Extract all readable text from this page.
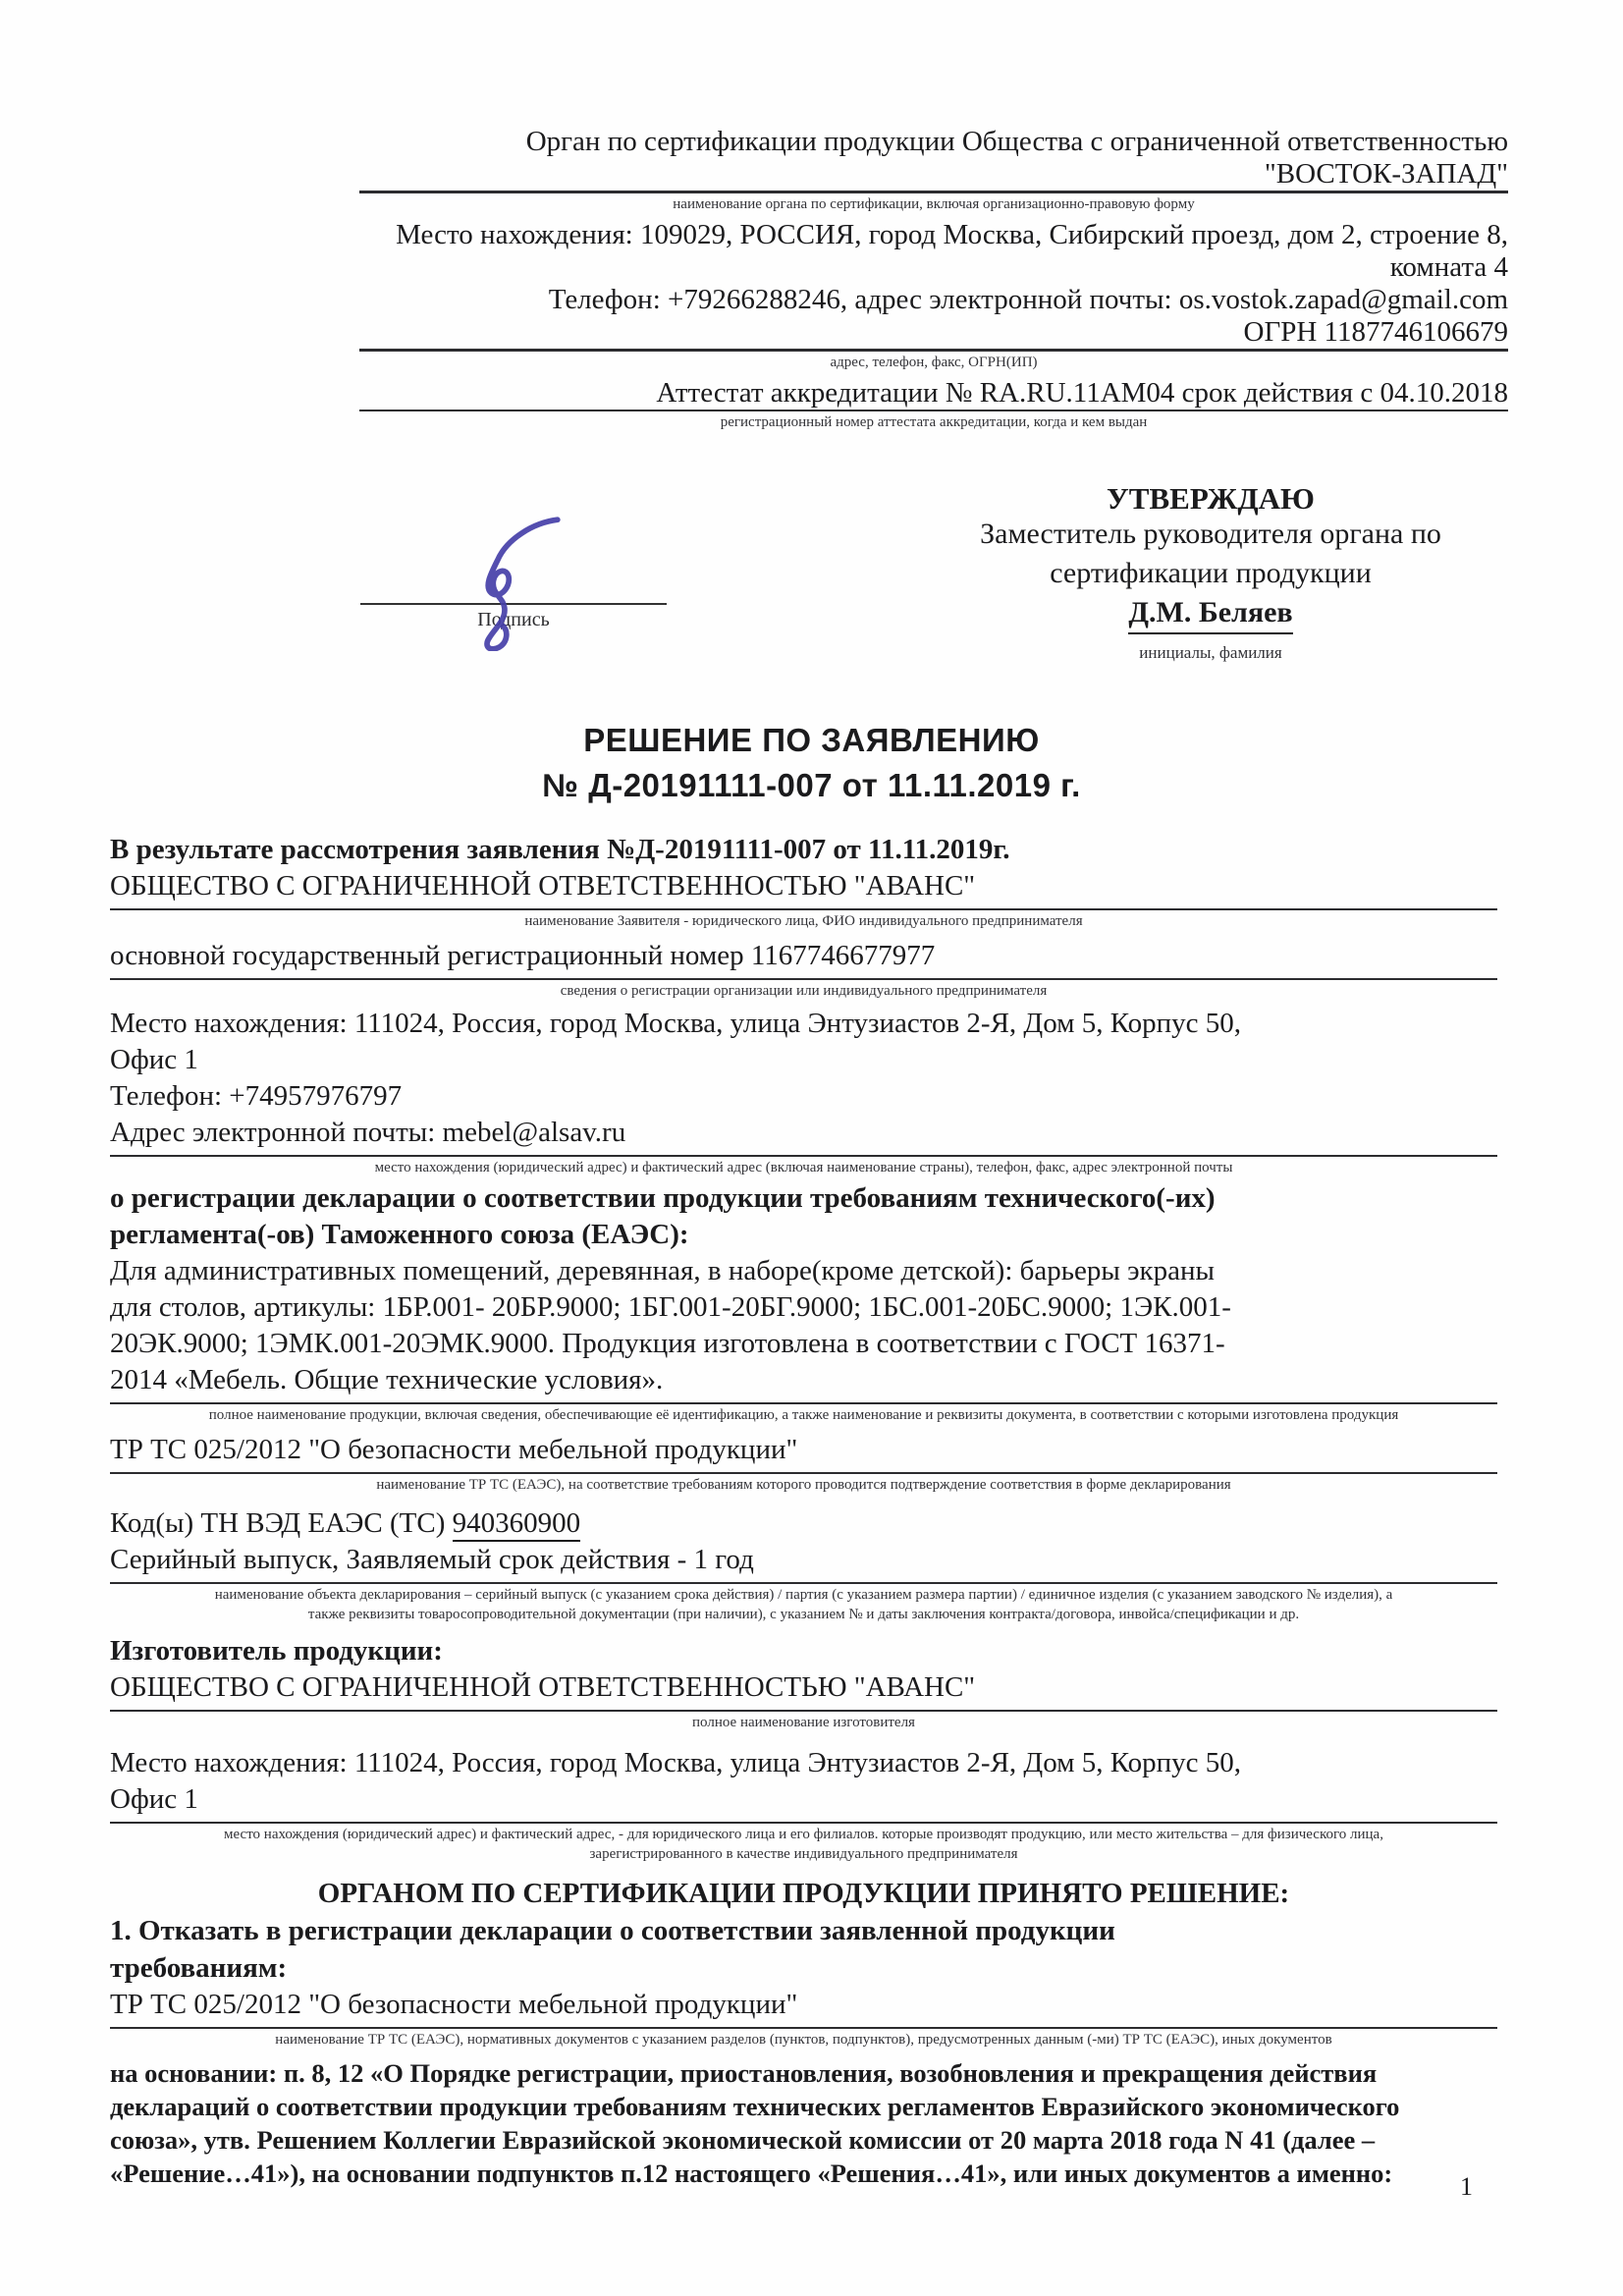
Орган по сертификации продукции Общества с ограниченной ответственностью
"ВОСТОК-ЗАПАД"
наименование органа по сертификации, включая организационно-правовую форму
Место нахождения: 109029, РОССИЯ, город Москва, Сибирский проезд, дом 2, строение 8,
комната 4
Телефон: +79266288246, адрес электронной почты: os.vostok.zapad@gmail.com
ОГРН 1187746106679
адрес, телефон, факс, ОГРН(ИП)
Аттестат аккредитации № RA.RU.11АМ04 срок действия с 04.10.2018
регистрационный номер аттестата аккредитации, когда и кем выдан
Подпись
УТВЕРЖДАЮ
Заместитель руководителя органа по
сертификации продукции
Д.М. Беляев
инициалы, фамилия
РЕШЕНИЕ ПО ЗАЯВЛЕНИЮ
№ Д-20191111-007 от 11.11.2019 г.
В результате рассмотрения заявления №Д-20191111-007 от 11.11.2019г.
ОБЩЕСТВО С ОГРАНИЧЕННОЙ ОТВЕТСТВЕННОСТЬЮ "АВАНС"
наименование Заявителя - юридического лица, ФИО индивидуального предпринимателя
основной государственный регистрационный номер 1167746677977
сведения о регистрации организации или индивидуального предпринимателя
Место нахождения: 111024, Россия, город Москва, улица Энтузиастов 2-Я, Дом 5, Корпус 50,
Офис 1
Телефон: +74957976797
Адрес электронной почты: mebel@alsav.ru
место нахождения (юридический адрес) и фактический адрес (включая наименование страны), телефон, факс, адрес электронной почты
о регистрации декларации о соответствии продукции требованиям технического(-их)
регламента(-ов) Таможенного союза (ЕАЭС):
Для административных помещений, деревянная, в наборе(кроме детской): барьеры экраны
для столов, артикулы: 1БР.001- 20БР.9000; 1БГ.001-20БГ.9000; 1БС.001-20БС.9000; 1ЭК.001-
20ЭК.9000; 1ЭМК.001-20ЭМК.9000. Продукция изготовлена в соответствии с ГОСТ 16371-
2014 «Мебель. Общие технические условия».
полное наименование продукции, включая сведения, обеспечивающие её идентификацию, а также наименование и реквизиты документа, в соответствии с которыми изготовлена продукция
ТР ТС 025/2012 "О безопасности мебельной продукции"
наименование ТР ТС (ЕАЭС), на соответствие требованиям которого проводится подтверждение соответствия в форме декларирования
Код(ы) ТН ВЭД ЕАЭС (ТС) 940360900
Серийный выпуск, Заявляемый срок действия - 1 год
наименование объекта декларирования – серийный выпуск (с указанием срока действия) / партия (с указанием размера партии) / единичное изделия (с указанием заводского № изделия), а
также реквизиты товаросопроводительной документации (при наличии), с указанием № и даты заключения контракта/договора, инвойса/спецификации и др.
Изготовитель продукции:
ОБЩЕСТВО С ОГРАНИЧЕННОЙ ОТВЕТСТВЕННОСТЬЮ "АВАНС"
полное наименование изготовителя
Место нахождения: 111024, Россия, город Москва, улица Энтузиастов 2-Я, Дом 5, Корпус 50,
Офис 1
место нахождения (юридический адрес) и фактический адрес, - для юридического лица и его филиалов. которые производят продукцию, или место жительства – для физического лица,
зарегистрированного в качестве индивидуального предпринимателя
ОРГАНОМ ПО СЕРТИФИКАЦИИ ПРОДУКЦИИ ПРИНЯТО РЕШЕНИЕ:
1. Отказать в регистрации декларации о соответствии заявленной продукции
требованиям:
ТР ТС 025/2012 "О безопасности мебельной продукции"
наименование ТР ТС (ЕАЭС), нормативных документов с указанием разделов (пунктов, подпунктов), предусмотренных данным (-ми) ТР ТС (ЕАЭС), иных документов
на основании: п. 8, 12 «О Порядке регистрации, приостановления, возобновления и прекращения действия
деклараций о соответствии продукции требованиям технических регламентов Евразийского экономического
союза», утв. Решением Коллегии Евразийской экономической комиссии от 20 марта 2018 года N 41 (далее –
«Решение…41»), на основании подпунктов п.12 настоящего «Решения…41», или иных документов а именно:	1
